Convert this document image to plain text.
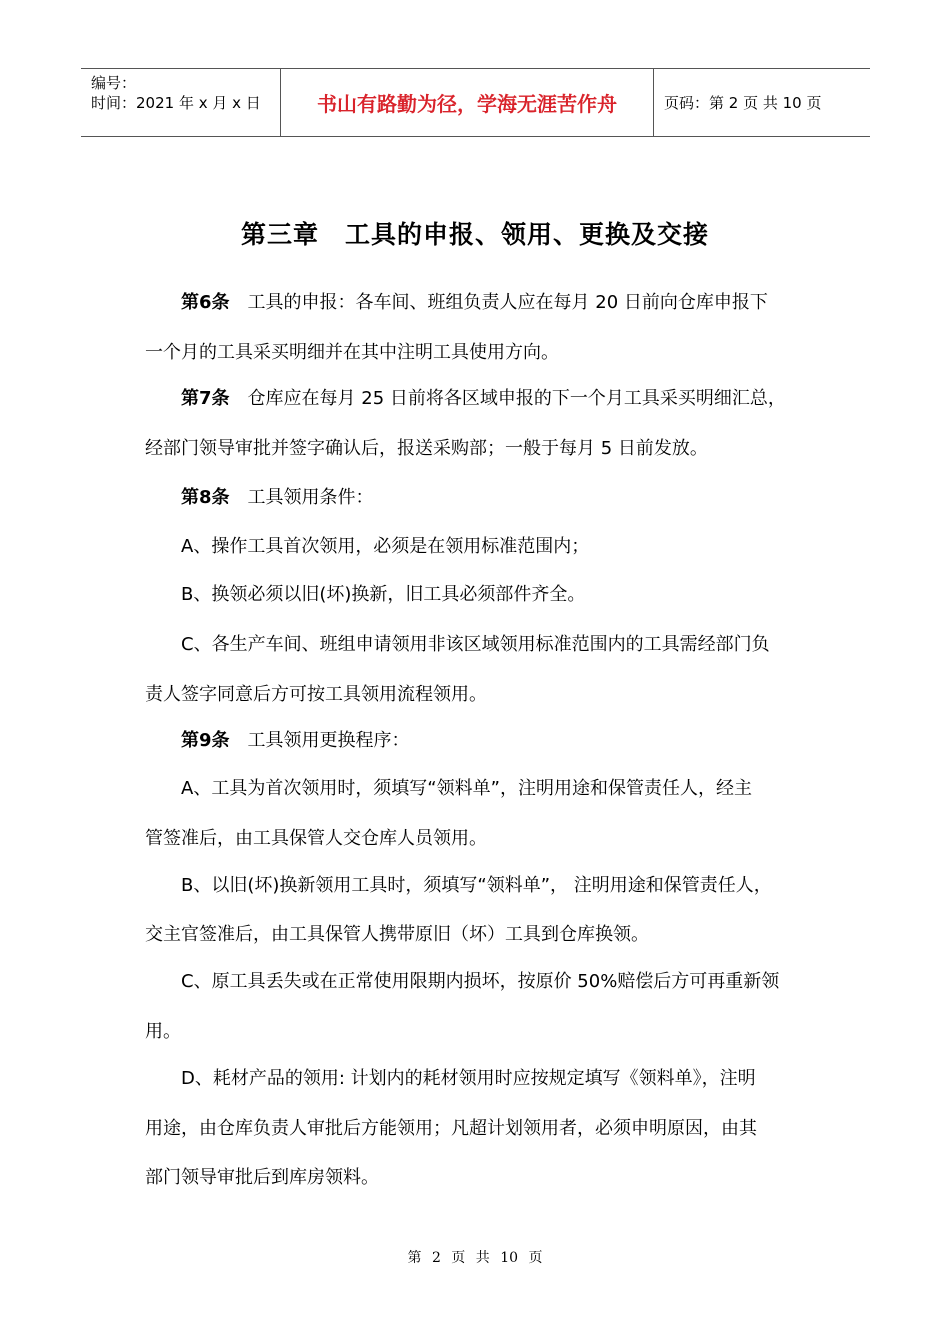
编号：
时间：2021 年 x 月 x 日	书山有路勤为径，学海无涯苦作舟	页码：第 2 页 共 10 页
第三章　工具的申报、领用、更换及交接
第6条 工具的申报：各车间、班组负责人应在每月 20 日前向仓库申报下
一个月的工具采买明细并在其中注明工具使用方向。
第7条 仓库应在每月 25 日前将各区域申报的下一个月工具采买明细汇总，
经部门领导审批并签字确认后，报送采购部；一般于每月 5 日前发放。
第8条 工具领用条件：
A、操作工具首次领用，必须是在领用标准范围内；
B、换领必须以旧(坏)换新，旧工具必须部件齐全。
C、各生产车间、班组申请领用非该区域领用标准范围内的工具需经部门负
责人签字同意后方可按工具领用流程领用。
第9条 工具领用更换程序：
A、工具为首次领用时，须填写“领料单”，注明用途和保管责任人，经主
管签准后，由工具保管人交仓库人员领用。
B、以旧(坏)换新领用工具时，须填写“领料单”， 注明用途和保管责任人，
交主官签准后，由工具保管人携带原旧（坏）工具到仓库换领。
C、原工具丢失或在正常使用限期内损坏，按原价 50%赔偿后方可再重新领
用。
D、耗材产品的领用: 计划内的耗材领用时应按规定填写《领料单》，注明
用途，由仓库负责人审批后方能领用；凡超计划领用者，必须申明原因，由其
部门领导审批后到库房领料。
第 2 页 共 10 页
